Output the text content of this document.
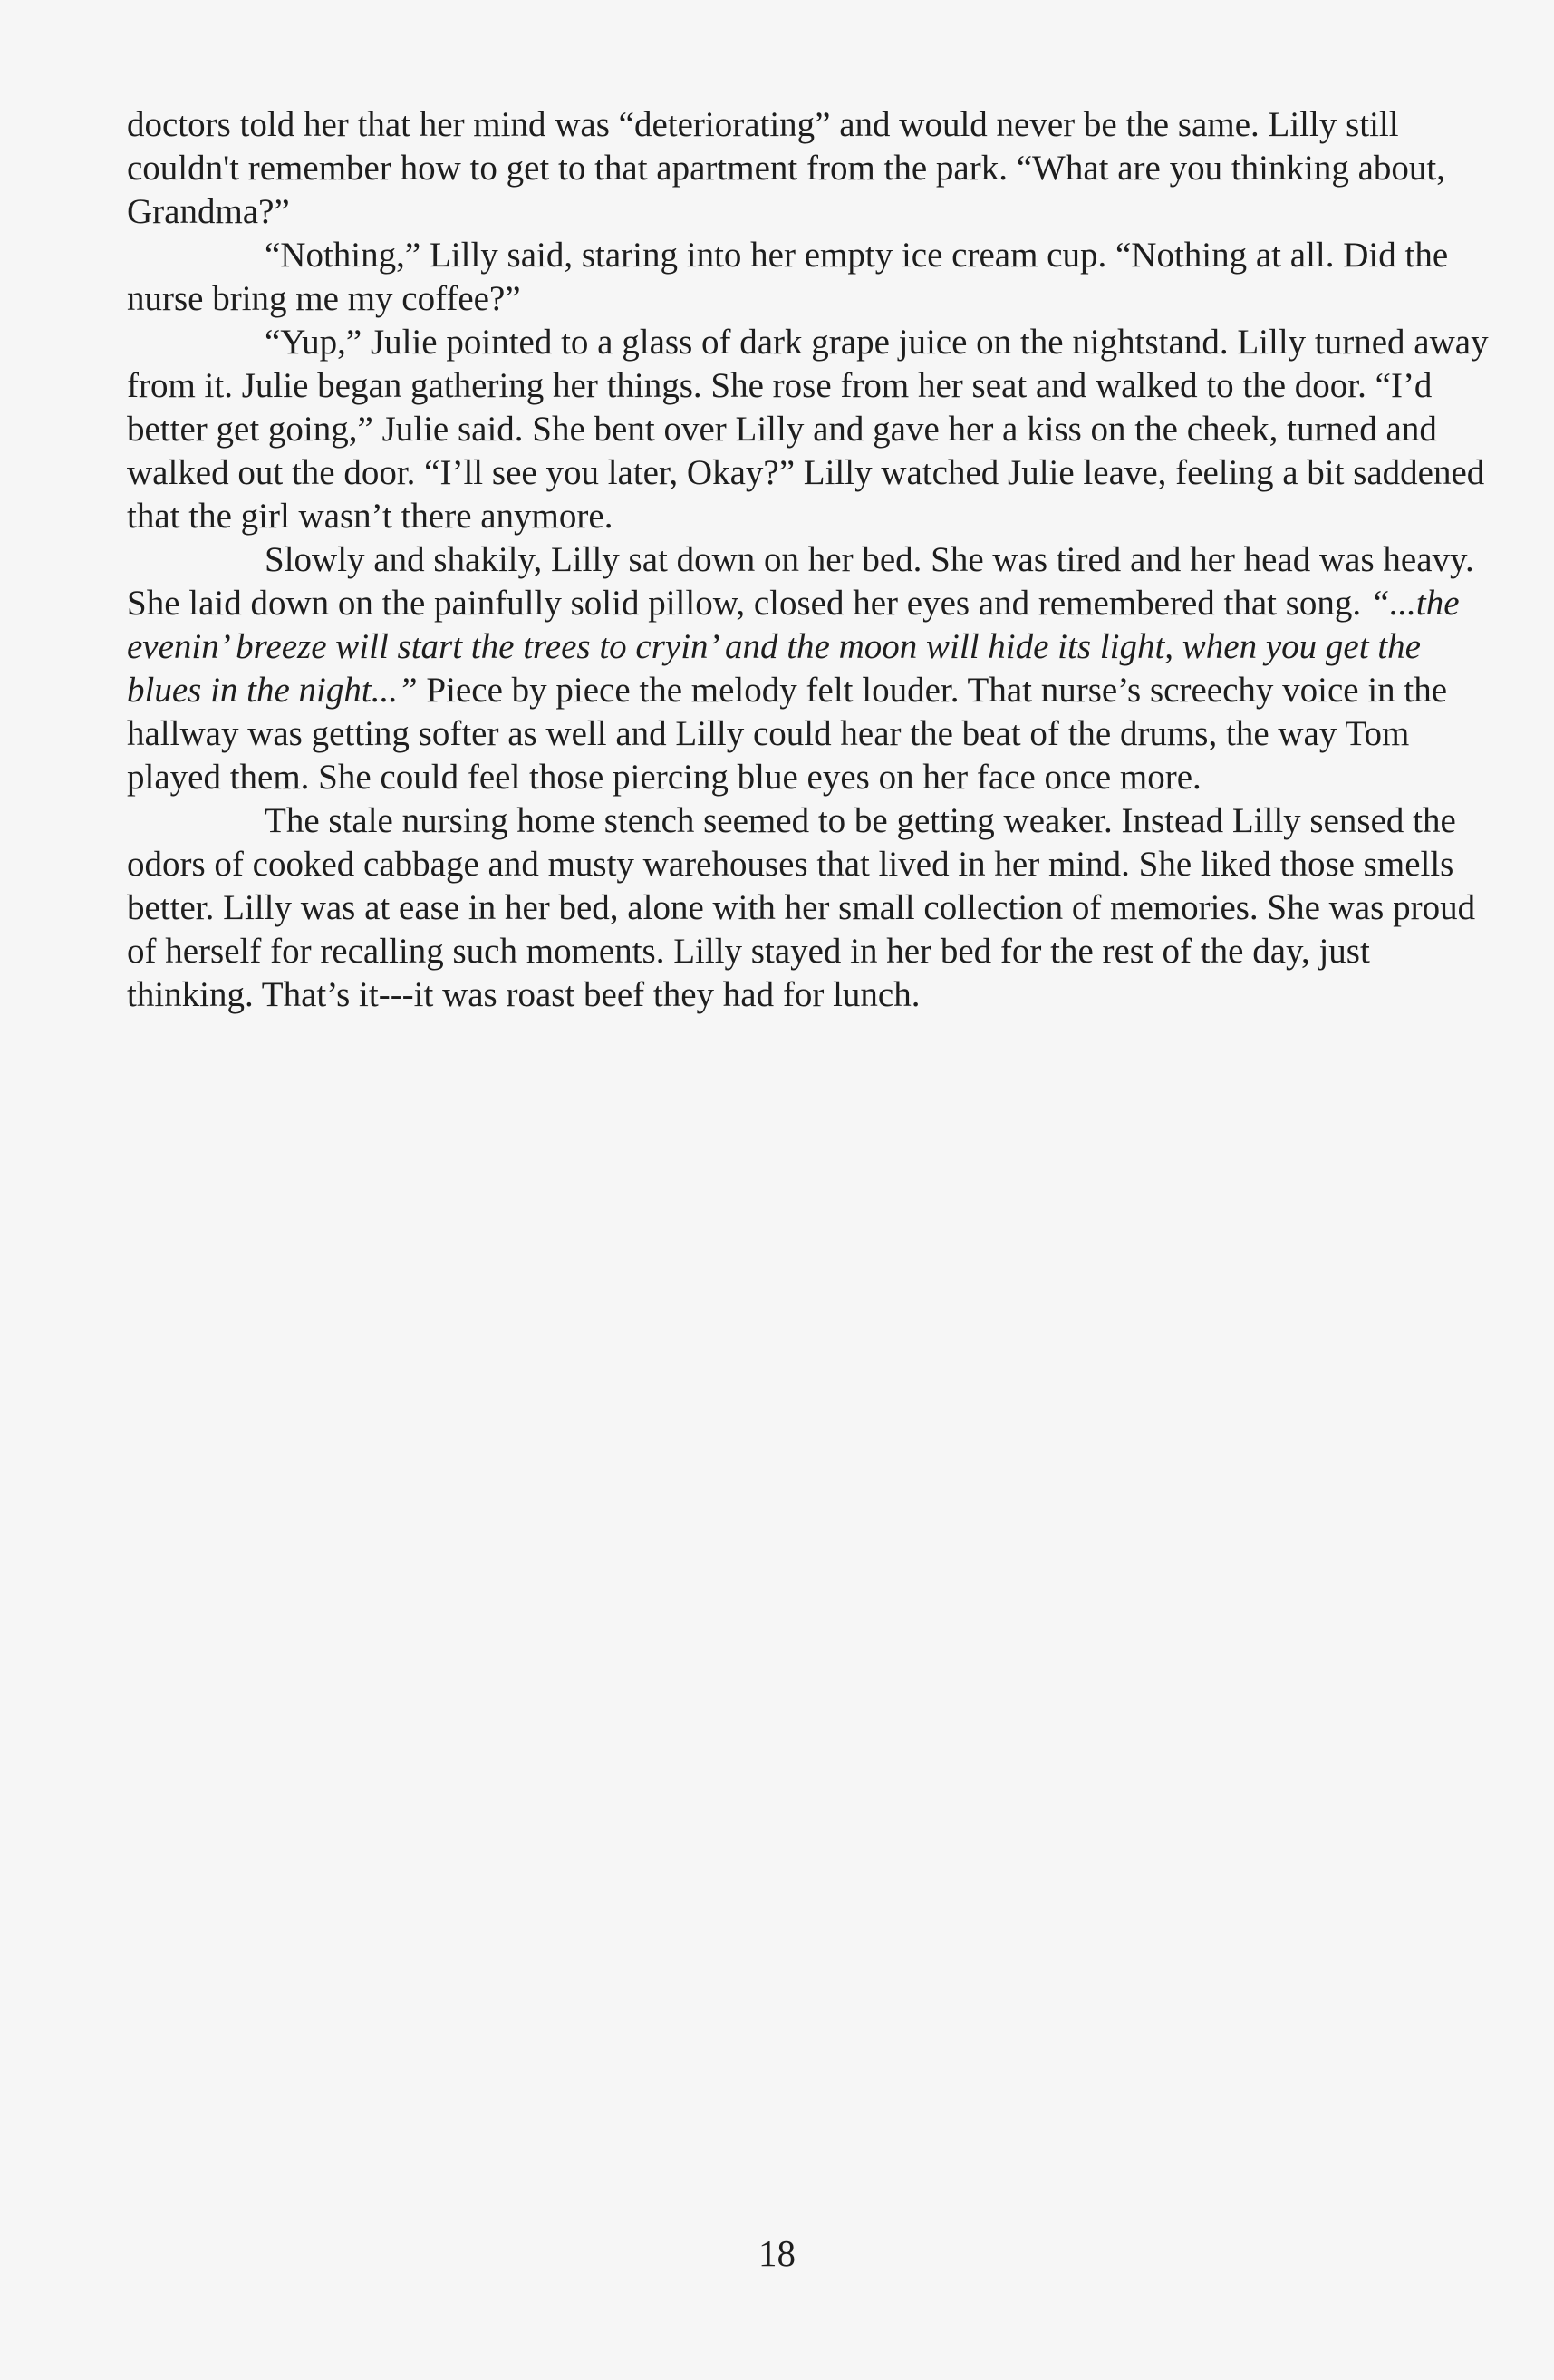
doctors told her that her mind was “deteriorating” and would never be the same. Lilly still couldn't remember how to get to that apartment from the park. “What are you thinking about, Grandma?”

“Nothing,” Lilly said, staring into her empty ice cream cup. “Nothing at all. Did the nurse bring me my coffee?”

“Yup,” Julie pointed to a glass of dark grape juice on the nightstand. Lilly turned away from it. Julie began gathering her things. She rose from her seat and walked to the door. “I’d better get going,” Julie said. She bent over Lilly and gave her a kiss on the cheek, turned and walked out the door. “I’ll see you later, Okay?” Lilly watched Julie leave, feeling a bit saddened that the girl wasn’t there anymore.

Slowly and shakily, Lilly sat down on her bed. She was tired and her head was heavy. She laid down on the painfully solid pillow, closed her eyes and remembered that song. “...the evenin’ breeze will start the trees to cryin’ and the moon will hide its light, when you get the blues in the night...” Piece by piece the melody felt louder. That nurse’s screechy voice in the hallway was getting softer as well and Lilly could hear the beat of the drums, the way Tom played them. She could feel those piercing blue eyes on her face once more.

The stale nursing home stench seemed to be getting weaker. Instead Lilly sensed the odors of cooked cabbage and musty warehouses that lived in her mind. She liked those smells better. Lilly was at ease in her bed, alone with her small collection of memories. She was proud of herself for recalling such moments. Lilly stayed in her bed for the rest of the day, just thinking. That’s it---it was roast beef they had for lunch.

18
